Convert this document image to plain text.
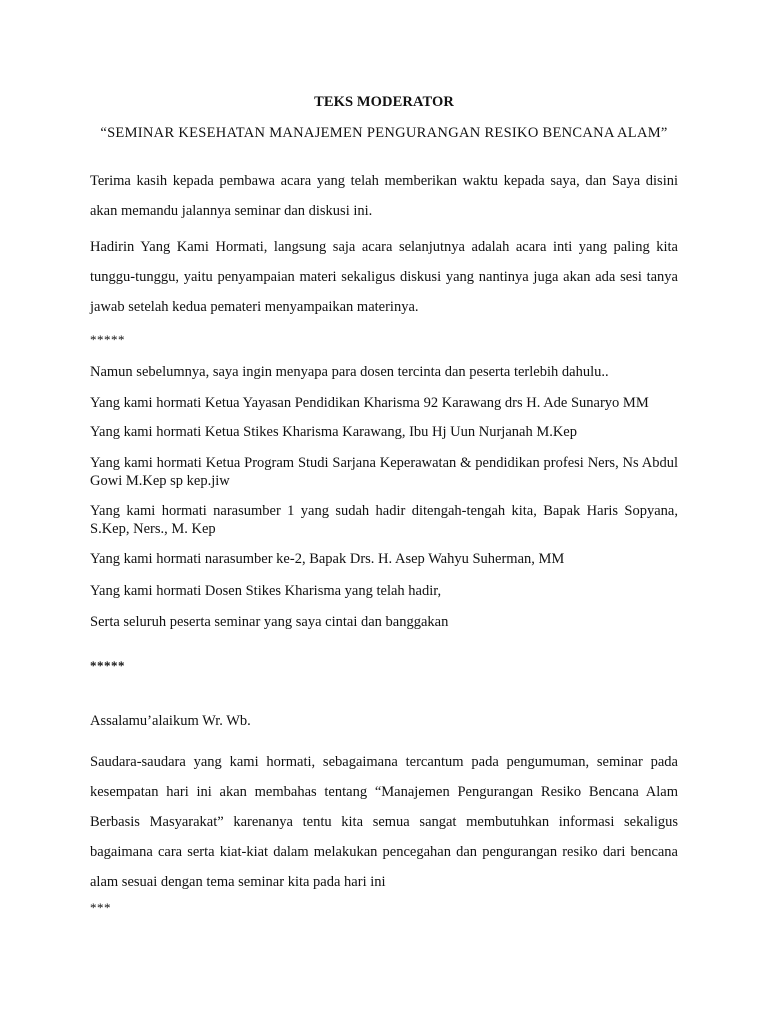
TEKS MODERATOR
“SEMINAR KESEHATAN MANAJEMEN PENGURANGAN RESIKO BENCANA ALAM”

Terima kasih kepada pembawa acara yang telah memberikan waktu kepada saya, dan Saya disini akan memandu jalannya seminar dan diskusi ini.

Hadirin Yang Kami Hormati, langsung saja acara selanjutnya adalah acara inti yang paling kita tunggu-tunggu, yaitu penyampaian materi sekaligus diskusi yang nantinya juga akan ada sesi tanya jawab setelah kedua pemateri menyampaikan materinya.

*****

Namun sebelumnya, saya ingin menyapa para dosen tercinta dan peserta terlebih dahulu..

Yang kami hormati Ketua Yayasan Pendidikan Kharisma 92 Karawang drs H. Ade Sunaryo MM

Yang kami hormati Ketua Stikes Kharisma Karawang, Ibu Hj Uun Nurjanah M.Kep

Yang kami hormati Ketua Program Studi Sarjana Keperawatan & pendidikan profesi Ners, Ns Abdul Gowi M.Kep sp kep.jiw

Yang kami hormati narasumber 1 yang sudah hadir ditengah-tengah kita, Bapak Haris Sopyana, S.Kep, Ners., M. Kep

Yang kami hormati narasumber ke-2, Bapak Drs. H. Asep Wahyu Suherman, MM

Yang kami hormati Dosen Stikes Kharisma yang telah hadir,

Serta seluruh peserta seminar yang saya cintai dan banggakan

*****

Assalamu’alaikum Wr. Wb.

Saudara-saudara yang kami hormati, sebagaimana tercantum pada pengumuman, seminar pada kesempatan hari ini akan membahas tentang “Manajemen Pengurangan Resiko Bencana Alam Berbasis Masyarakat” karenanya tentu kita semua sangat membutuhkan informasi sekaligus bagaimana cara serta kiat-kiat dalam melakukan pencegahan dan pengurangan resiko dari bencana alam sesuai dengan tema seminar kita pada hari ini

***
